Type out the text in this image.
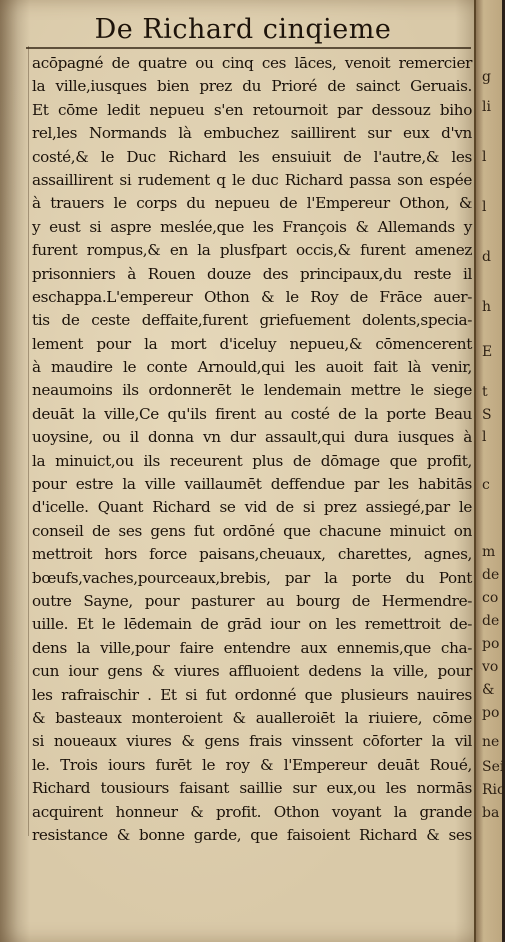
De Richard cinqieme
acōpagné de quatre ou cinq ces lāces, venoit remercier
la ville,iusques bien prez du Prioré de sainct Geruais.
Et cōme ledit nepueu s'en retournoit par dessouz biho
rel,les Normands là embuchez saillirent sur eux d'vn
costé,& le Duc Richard les ensuiuit de l'autre,& les
assaillirent si rudement q le duc Richard passa son espée
à trauers le corps du nepueu de l'Empereur Othon, &
y eust si aspre meslée,que les François & Allemands y
furent rompus,& en la plusfpart occis,& furent amenez
prisonniers à Rouen douze des principaux,du reste il
eschappa.L'empereur Othon & le Roy de Frāce auer-
tis de ceste deffaite,furent griefuement dolents,specia-
lement pour la mort d'iceluy nepueu,& cōmencerent
à maudire le conte Arnould,qui les auoit fait là venir,
neaumoins ils ordonnerēt le lendemain mettre le siege
deuāt la ville,Ce qu'ils firent au costé de la porte Beau
uoysine, ou il donna vn dur assault,qui dura iusques à
la minuict,ou ils receurent plus de dōmage que profit,
pour estre la ville vaillaumēt deffendue par les habitās
d'icelle. Quant Richard se vid de si prez assiegé,par le
conseil de ses gens fut ordōné que chacune minuict on
mettroit hors force paisans,cheuaux, charettes, agnes,
bœufs,vaches,pourceaux,brebis, par la porte du Pont
outre Sayne, pour pasturer au bourg de Hermendre-
uille. Et le lēdemain de grād iour on les remettroit de-
dens la ville,pour faire entendre aux ennemis,que cha-
cun iour gens & viures affluoient dedens la ville, pour
les rafraischir . Et si fut ordonné que plusieurs nauires
& basteaux monteroient & aualleroiēt la riuiere, cōme
si noueaux viures & gens frais vinssent cōforter la vil
le. Trois iours furēt le roy & l'Empereur deuāt Roué,
Richard tousiours faisant saillie sur eux,ou les normās
acquirent honneur & profit. Othon voyant la grande
resistance & bonne garde, que faisoient Richard & ses
g
li
l
l
d
h
E
t
S
l
c
m
de
co
de
po
vo
&
po
ne
Sei
Ric
ba
